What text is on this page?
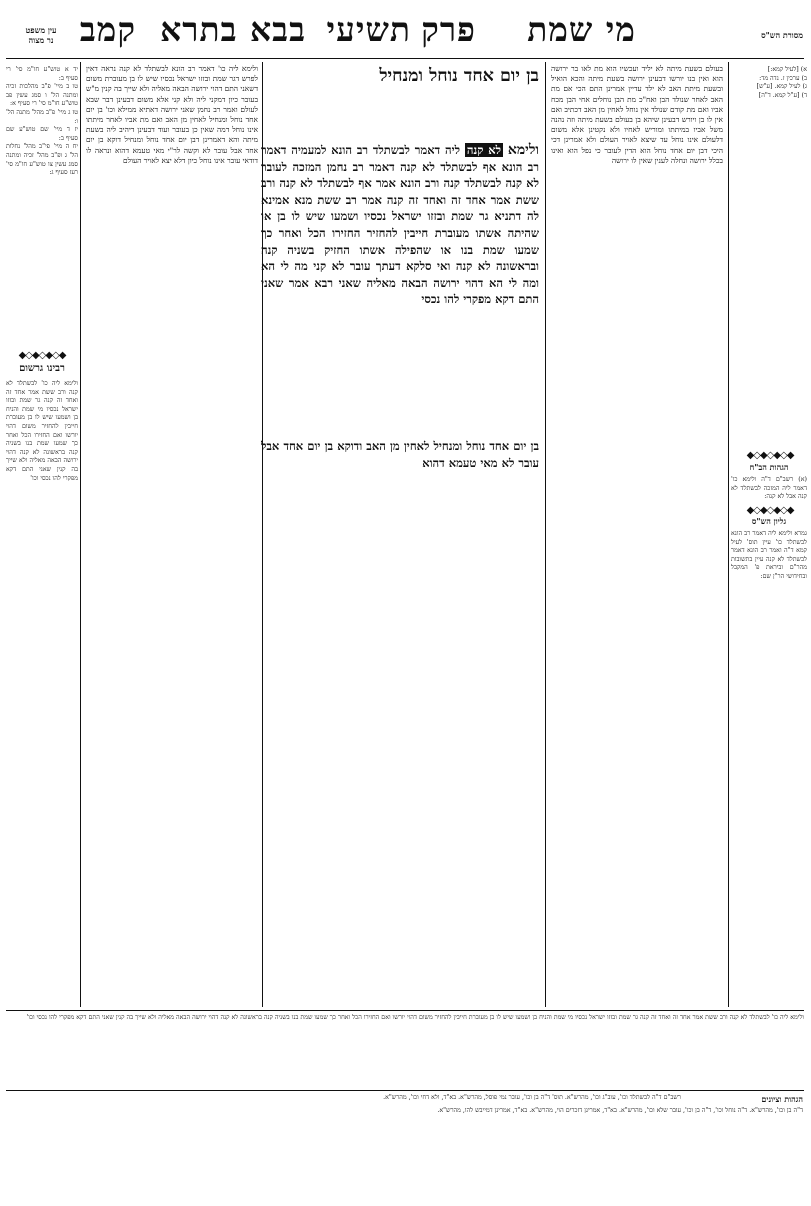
מי שמת
פרק
תשיעי
בבא בתרא
קמב	מסורת הש"ס
עין משפט
נר מצוה
א) [לעיל קמא:]
ב) ערכין ז. נדה מד:
ג) לעיל קמא. [ע"ש]
ד) [ע"ל קמא. ד"ה]
◆◇◆◇◆◇◆
הגהות הב"ח
(א) רשב"ם ד"ה ולימא כו' דאמר ליה המזכה לבשתלד לא קנה אבל לא קנה:
◆◇◆◇◆◇◆
גליון הש"ס
גמרא ולימא ליה דאמר רב הונא לבשתלד כו' עיין תוס' לעיל קמא ד"ה ואמר רב הונא דאמר לבשתלד לא קנה עיין בתשובות מהר"ם וביראת פ' המקבל ובחידושי הר"ן שם:
יד א טוש"ע חו"מ סי' רי סעיף ב:
טו ב מיי' פ"ב מהלכות זכיה ומתנה הל' ו סמג עשין פב טוש"ע חו"מ סי' רי סעיף א:
טז ג מיי' פ"ב מהל' מתנה הל' ו:
יז ד מיי' שם טוש"ע שם סעיף ב:
יח ה מיי' פי"ב מהל' נחלות הל' ג ופ"ב מהל' זכיה ומתנה סמג עשין צו טוש"ע חו"מ סי' רעז סעיף ג:
◆◇◆◇◆◇◆
רבינו גרשום
ולימא ליה כו' לבשתלד לא קנה ורב ששת אמר אחד זה ואחד זה קנה גר שמת ובזזו ישראל נכסיו מי שמת והניח בן ושמעו שיש לו בן מעוברת חייבין להחזיר משום דהוי יורשו ואם החזירו הכל ואחר כך שמעו שמת בנו בשניה קנה בראשונה לא קנה דהוי ירושה הבאה מאליה ולא שייך בה קנין שאני התם דקא מפקרי להו נכסי וכו'
בעולם בשעת מיתה לא יליד ועכשיו הוא מת לאו בר ירושה הוא ואין בנו יורשו דבעינן ירושה בשעת מיתה והכא הואיל ובשעת מיתת האב לא ילד עדיין אמרינן התם הכי אם מת האב לאחר שנולד הבן ואח"כ מת הבן נוחלים אחי הבן מכח אביו ואם מת קודם שנולד אין נוחל לאחין מן האב דכתיב ואם אין לו בן ויורש דבעינן שיהא בן בעולם בשעת מיתה וזה נהנה משל אביו במיתתו ומוריש לאחיו ולא נקטינן אלא משום דלעולם אינו נוחל עד שיצא לאויר העולם ולא אמרינן דכי היכי דבן יום אחד נוחל הוא הדין לעובר כי נפל הוא ואינו בכלל ירושה ונחלה לענין שאין לו ירושה
ולימא ליה כו' דאמר רב הונא לבשתלד לא קנה נראה דאין לפרש דגר שמת ובזזו ישראל נכסיו שיש לו בן מעוברת משום דשאני התם דהוי ירושה הבאה מאליה ולא שייך בה קנין מ"ש בעובר כיון דמקני ליה ולא קני אלא משום דבעינן דבר שבא לעולם ואמר רב נחמן שאני ירושה דאתיא ממילא וכו' בן יום אחד נוחל ומנחיל לאחין מן האב ואם מת אביו לאחר מיתתו אינו נוחל דמה שאין כן בעובר ועוד דבעינן דיהיב ליה בשעת מיתה והא דאמרינן דבן יום אחד נוחל ומנחיל דוקא בן יום אחד אבל עובר לא וקשה לר"י מאי טעמא דהוא ונראה לו דודאי עובר אינו נוחל כיון דלא יצא לאויר העולם
בן יום אחד נוחל ומנחיל
ולימא לא קנה ליה דאמר לבשתלד רב הונא למעמיה דאמר רב הונא אף לבשתלד לא קנה דאמר רב נחמן המזכה לעובר לא קנה לבשתלד קנה ורב הונא אמר אף לבשתלד לא קנה ורב ששת אמר אחד זה ואחד זה קנה אמר רב ששת מנא אמינא לה דתניא גר שמת ובזזו ישראל נכסיו ושמעו שיש לו בן או שהיתה אשתו מעוברת חייבין להחזיר החזירו הכל ואחר כך שמעו שמת בנו או שהפילה אשתו החזיק בשניה קנה ובראשונה לא קנה ואי סלקא דעתך עובר לא קני מה לי הא ומה לי הא דהוי ירושה הבאה מאליה שאני רבא אמר שאני התם דקא מפקרי להו נכסי
בן יום אחד נוחל ומנחיל לאחין מן האב ודוקא בן יום אחד אבל עובר לא מאי טעמא דהוא
ולימא ליה כו' לבשתלד לא קנה ורב ששת אמר אחד זה ואחד זה קנה גר שמת ובזזו ישראל נכסיו מי שמת והניח בן ושמעו שיש לו בן מעוברת חייבין להחזיר משום דהוי יורשו ואם החזירו הכל ואחר כך שמעו שמת בנו בשניה קנה בראשונה לא קנה דהוי ירושה הבאה מאליה ולא שייך בה קנין שאני התם דקא מפקרי להו נכסי וכו'
הגהות וציונים
רשב"ם ד"ה לבשתלד וכו', עוב"ג וכו', מהרש"א. תוס' ד"ה בן וכו', עובר נמי פוסל, מהרש"א. בא"ד, ולא דחי וכו', מהרש"א.
ד"ה בן וכו', מהרש"א. ד"ה נוחל וכו', ד"ה בן וכו', עובר שלא וכו', מהרש"א. בא"ד, אמרינן דזכרים הוי, מהרש"א. בא"ד, אמרינן דמייבש להו, מהרש"א.
